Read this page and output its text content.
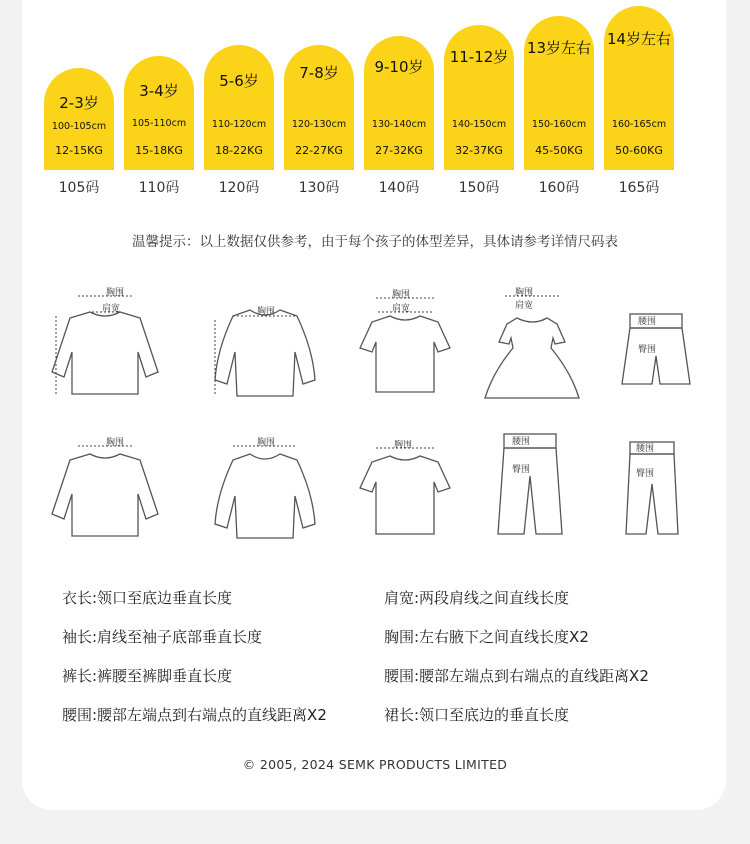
2-3岁
100-105cm
12-15KG
105码
3-4岁
105-110cm
15-18KG
110码
5-6岁
110-120cm
18-22KG
120码
7-8岁
120-130cm
22-27KG
130码
9-10岁
130-140cm
27-32KG
140码
11-12岁
140-150cm
32-37KG
150码
13岁左右
150-160cm
45-50KG
160码
14岁左右
160-165cm
50-60KG
165码
温馨提示：以上数据仅供参考，由于每个孩子的体型差异，具体请参考详情尺码表
胸围
肩宽	胸围
胸围
肩宽
胸围
肩宽
腰围
臀围
胸围	胸围	胸围	腰围
臀围
腰围
臀围
衣长:领口至底边垂直长度
袖长:肩线至袖子底部垂直长度
裤长:裤腰至裤脚垂直长度
腰围:腰部左端点到右端点的直线距离X2
肩宽:两段肩线之间直线长度
胸围:左右腋下之间直线长度X2
腰围:腰部左端点到右端点的直线距离X2
裙长:领口至底边的垂直长度
© 2005, 2024 SEMK PRODUCTS LIMITED
